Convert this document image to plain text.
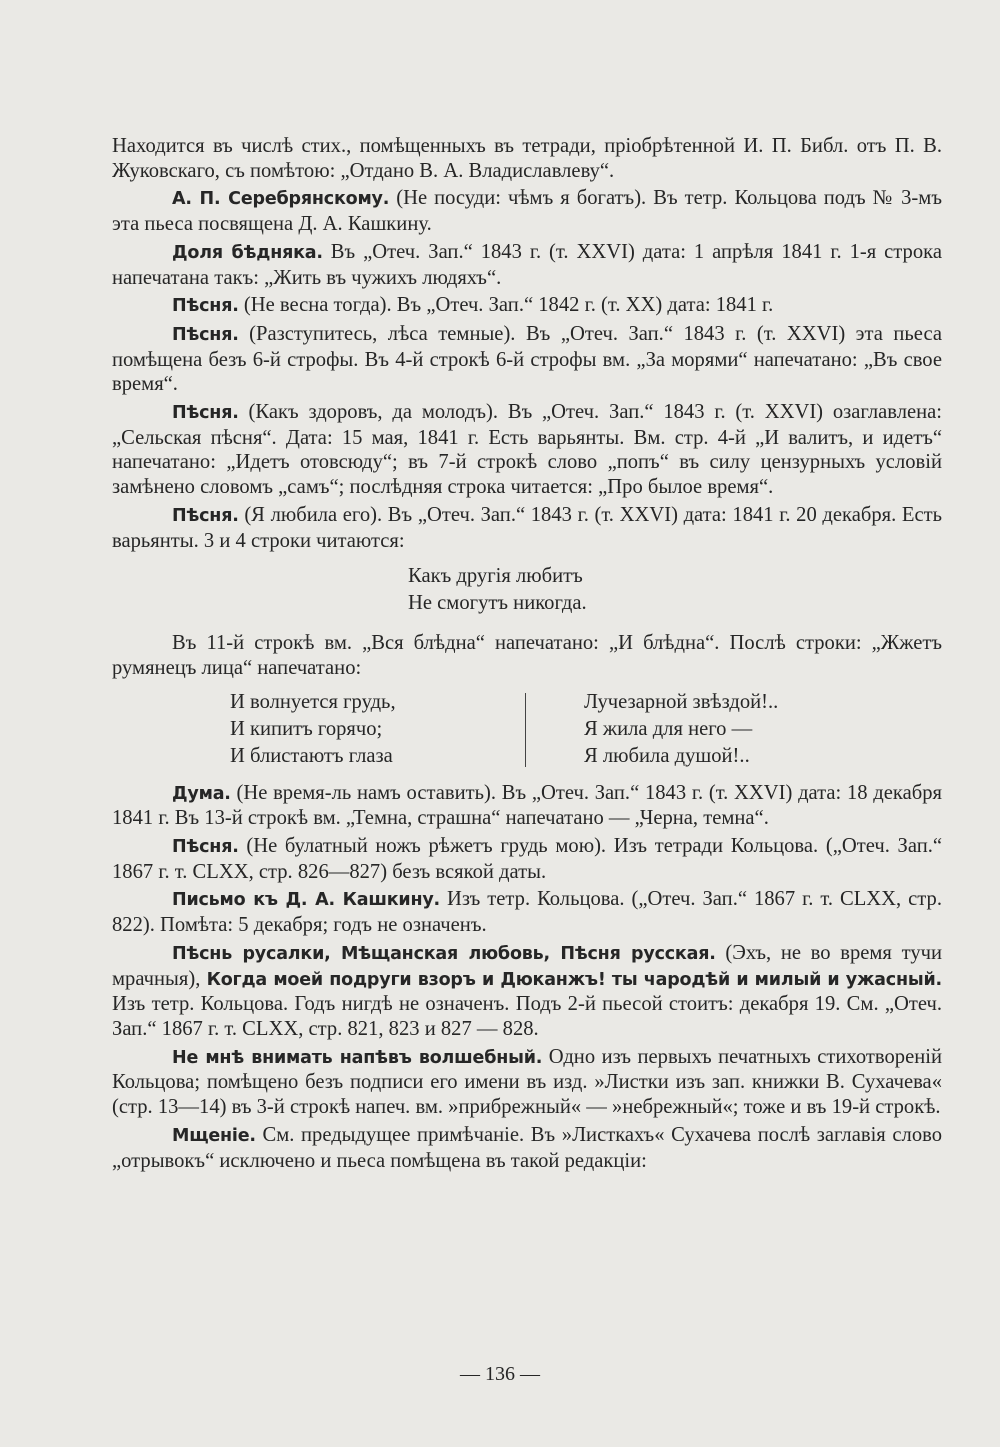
Находится въ числѣ стих., помѣщенныхъ въ тетради, пріобрѣтенной И. П. Библ. отъ П. В. Жуковскаго, съ помѣтою: „Отдано В. А. Владиславлеву“.

А. П. Серебрянскому. (Не посуди: чѣмъ я богатъ). Въ тетр. Кольцова подъ № 3-мъ эта пьеса посвящена Д. А. Кашкину.

Доля бѣдняка. Въ „Отеч. Зап.“ 1843 г. (т. XXVI) дата: 1 апрѣля 1841 г. 1-я строка напечатана такъ: „Жить въ чужихъ людяхъ“.

Пѣсня. (Не весна тогда). Въ „Отеч. Зап.“ 1842 г. (т. XX) дата: 1841 г.

Пѣсня. (Разступитесь, лѣса темные). Въ „Отеч. Зап.“ 1843 г. (т. XXVI) эта пьеса помѣщена безъ 6-й строфы. Въ 4-й строкѣ 6-й строфы вм. „За морями“ напечатано: „Въ свое время“.

Пѣсня. (Какъ здоровъ, да молодъ). Въ „Отеч. Зап.“ 1843 г. (т. XXVI) озаглавлена: „Сельская пѣсня“. Дата: 15 мая, 1841 г. Есть варьянты. Вм. стр. 4-й „И валитъ, и идетъ“ напечатано: „Идетъ отовсюду“; въ 7-й строкѣ слово „попъ“ въ силу цензурныхъ условій замѣнено словомъ „самъ“; послѣдняя строка читается: „Про былое время“.

Пѣсня. (Я любила его). Въ „Отеч. Зап.“ 1843 г. (т. XXVI) дата: 1841 г. 20 декабря. Есть варьянты. 3 и 4 строки читаются:

Какъ другія любитъ
Не смогутъ никогда.

Въ 11-й строкѣ вм. „Вся блѣдна“ напечатано: „И блѣдна“. Послѣ строки: „Жжетъ румянецъ лица“ напечатано:

И волнуется грудь,
И кипитъ горячо;
И блистаютъ глаза
Лучезарной звѣздой!..
Я жила для него —
Я любила душой!..

Дума. (Не время-ль намъ оставить). Въ „Отеч. Зап.“ 1843 г. (т. XXVI) дата: 18 декабря 1841 г. Въ 13-й строкѣ вм. „Темна, страшна“ напечатано — „Черна, темна“.

Пѣсня. (Не булатный ножъ рѣжетъ грудь мою). Изъ тетради Кольцова. („Отеч. Зап.“ 1867 г. т. CLXX, стр. 826—827) безъ всякой даты.

Письмо къ Д. А. Кашкину. Изъ тетр. Кольцова. („Отеч. Зап.“ 1867 г. т. CLXX, стр. 822). Помѣта: 5 декабря; годъ не означенъ.

Пѣснь русалки, Мѣщанская любовь, Пѣсня русская. (Эхъ, не во время тучи мрачныя), Когда моей подруги взоръ и Дюканжъ! ты чародѣй и милый и ужасный. Изъ тетр. Кольцова. Годъ нигдѣ не означенъ. Подъ 2-й пьесой стоитъ: декабря 19. См. „Отеч. Зап.“ 1867 г. т. CLXX, стр. 821, 823 и 827 — 828.

Не мнѣ внимать напѣвъ волшебный. Одно изъ первыхъ печатныхъ стихотвореній Кольцова; помѣщено безъ подписи его имени въ изд. »Листки изъ зап. книжки В. Сухачева« (стр. 13—14) въ 3-й строкѣ напеч. вм. »прибрежный« — »небрежный«; тоже и въ 19-й строкѣ.

Мщеніе. См. предыдущее примѣчаніе. Въ »Листкахъ« Сухачева послѣ заглавія слово „отрывокъ“ исключено и пьеса помѣщена въ такой редакціи:

— 136 —
